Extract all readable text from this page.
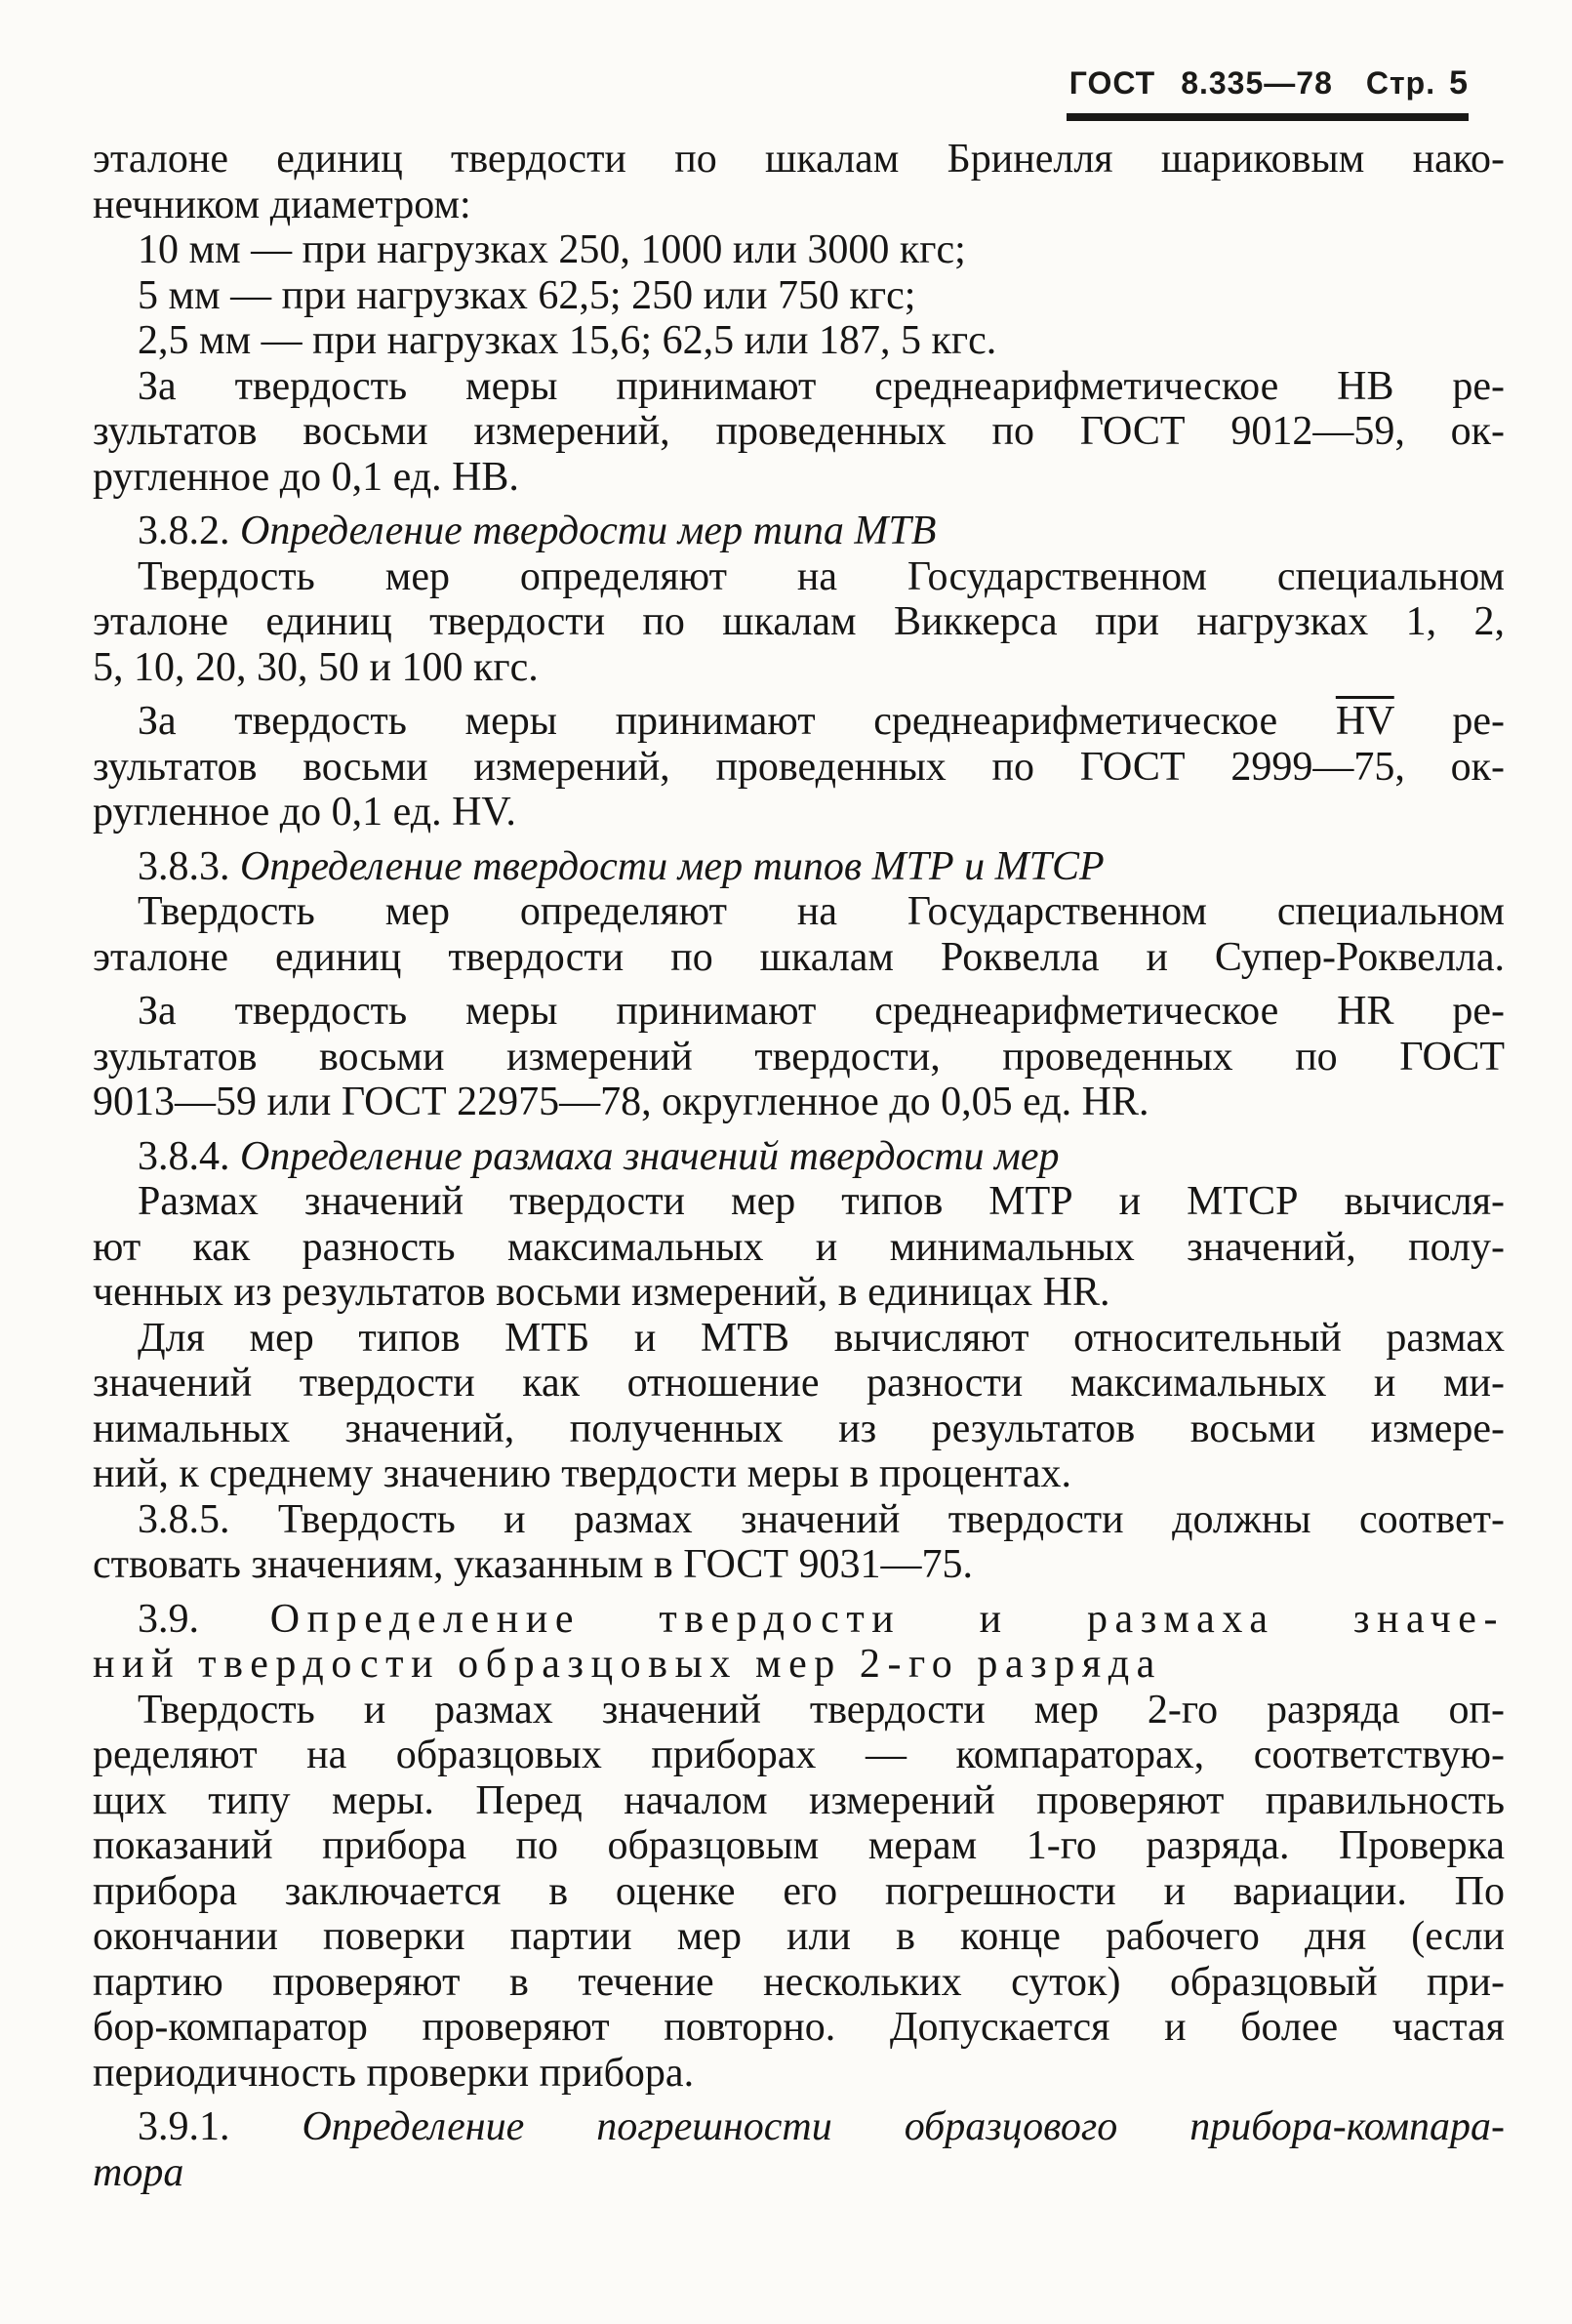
ГОСТ 8.335—78 Стр. 5
эталоне единиц твердости по шкалам Бринелля шариковым нако-
нечником диаметром:
10 мм — при нагрузках 250, 1000 или 3000 кгс;
5 мм — при нагрузках 62,5; 250 или 750 кгс;
2,5 мм — при нагрузках 15,6; 62,5 или 187, 5 кгс.
За твердость меры принимают среднеарифметическое НВ ре-
зультатов восьми измерений, проведенных по ГОСТ 9012—59, ок-
ругленное до 0,1 ед. НВ.
3.8.2. Определение твердости мер типа МТВ
Твердость мер определяют на Государственном специальном
эталоне единиц твердости по шкалам Виккерса при нагрузках 1, 2,
5, 10, 20, 30, 50 и 100 кгс.
За твердость меры принимают среднеарифметическое $\overline{HV}$ ре-
зультатов восьми измерений, проведенных по ГОСТ 2999—75, ок-
ругленное до 0,1 ед. HV.
3.8.3. Определение твердости мер типов МТР и МТСР
Твердость мер определяют на Государственном специальном
эталоне единиц твердости по шкалам Роквелла и Супер-Роквелла.
За твердость меры принимают среднеарифметическое HR ре-
зультатов восьми измерений твердости, проведенных по ГОСТ
9013—59 или ГОСТ 22975—78, округленное до 0,05 ед. HR.
3.8.4. Определение размаха значений твердости мер
Размах значений твердости мер типов МТР и МТСР вычисля-
ют как разность максимальных и минимальных значений, полу-
ченных из результатов восьми измерений, в единицах HR.
Для мер типов МТБ и МТВ вычисляют относительный размах
значений твердости как отношение разности максимальных и ми-
нимальных значений, полученных из результатов восьми измере-
ний, к среднему значению твердости меры в процентах.
3.8.5. Твердость и размах значений твердости должны соответ-
ствовать значениям, указанным в ГОСТ 9031—75.
3.9. Определение твердости и размаха значе-
ний твердости образцовых мер 2-го разряда
Твердость и размах значений твердости мер 2-го разряда оп-
ределяют на образцовых приборах — компараторах, соответствую-
щих типу меры. Перед началом измерений проверяют правильность
показаний прибора по образцовым мерам 1-го разряда. Проверка
прибора заключается в оценке его погрешности и вариации. По
окончании поверки партии мер или в конце рабочего дня (если
партию проверяют в течение нескольких суток) образцовый при-
бор-компаратор проверяют повторно. Допускается и более частая
периодичность проверки прибора.
3.9.1. Определение погрешности образцового прибора-компара-
тора
